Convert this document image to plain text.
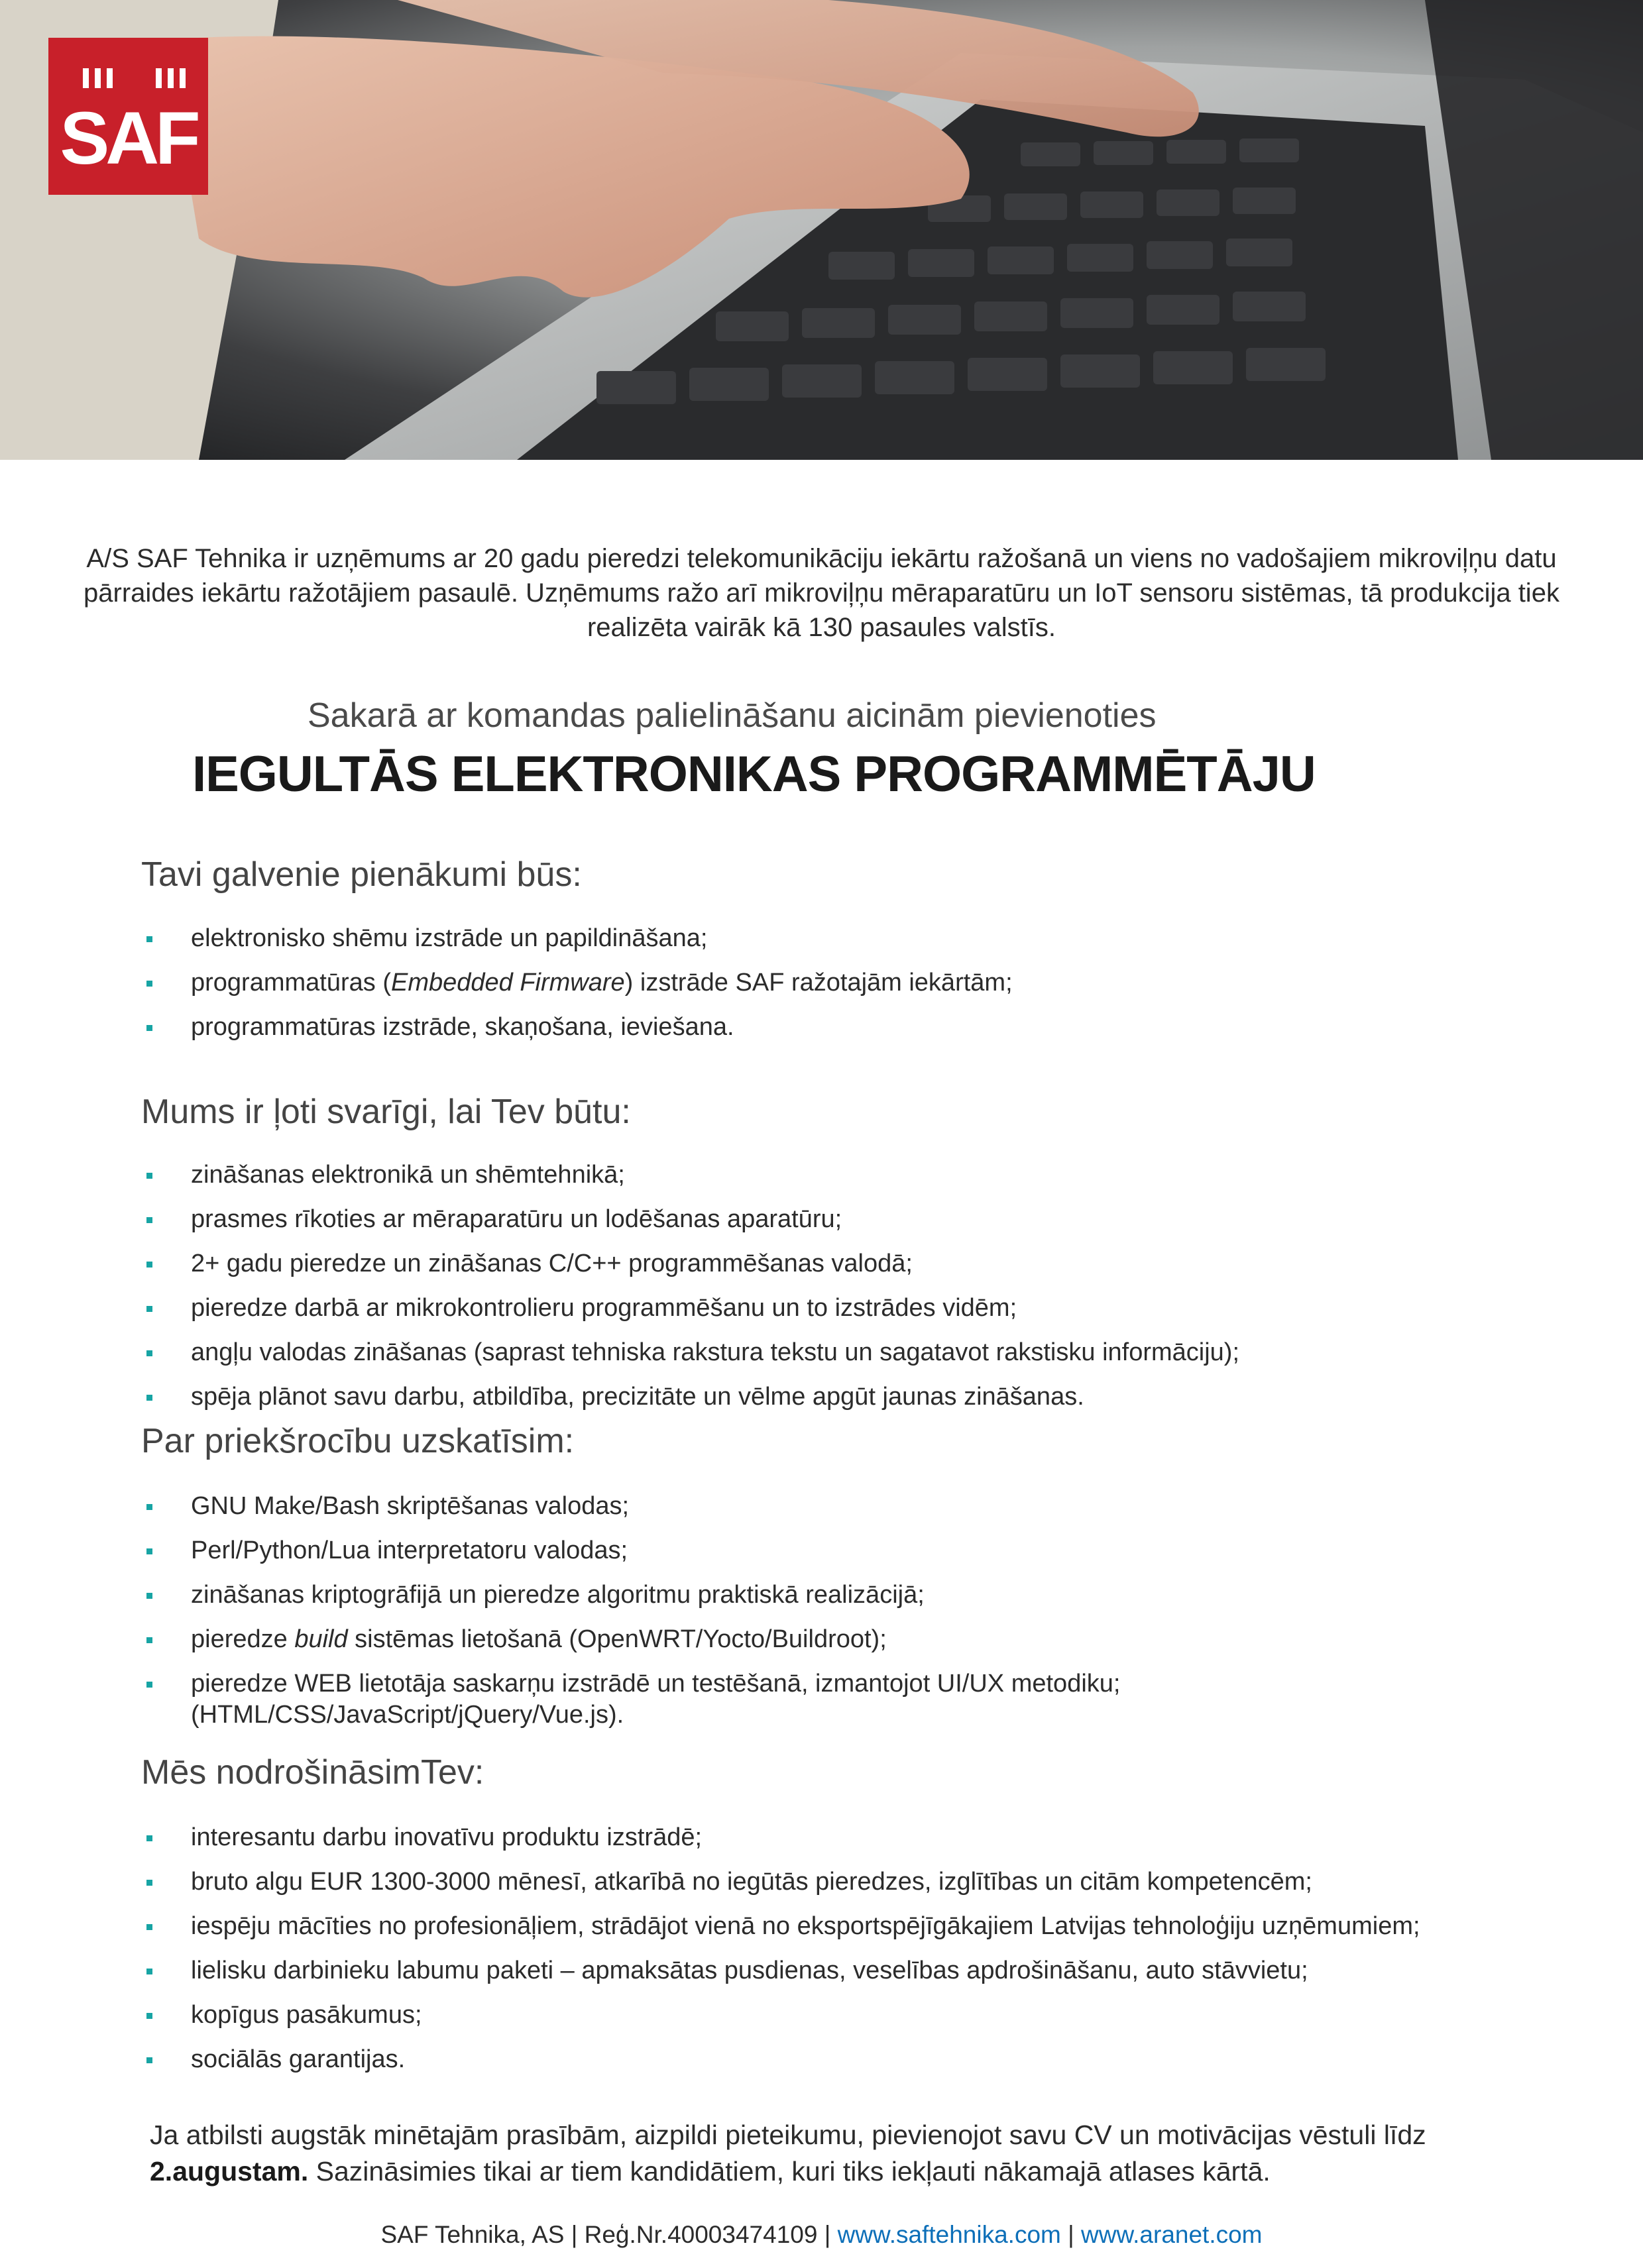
SAF
A/S SAF Tehnika ir uzņēmums ar 20 gadu pieredzi telekomunikāciju iekārtu ražošanā un viens no vadošajiem mikroviļņu datu pārraides iekārtu ražotājiem pasaulē. Uzņēmums ražo arī mikroviļņu mēraparatūru un IoT sensoru sistēmas, tā produkcija tiek realizēta vairāk kā 130 pasaules valstīs.
Sakarā ar komandas palielināšanu aicinām pievienoties
IEGULTĀS ELEKTRONIKAS PROGRAMMĒTĀJU
Tavi galvenie pienākumi būs:
elektronisko shēmu izstrāde un papildināšana;
programmatūras (Embedded Firmware) izstrāde SAF ražotajām iekārtām;
programmatūras izstrāde, skaņošana, ieviešana.
Mums ir ļoti svarīgi, lai Tev būtu:
zināšanas elektronikā un shēmtehnikā;
prasmes rīkoties ar mēraparatūru un lodēšanas aparatūru;
2+ gadu pieredze un zināšanas C/C++ programmēšanas valodā;
pieredze darbā ar mikrokontrolieru programmēšanu un to izstrādes vidēm;
angļu valodas zināšanas (saprast tehniska rakstura tekstu un sagatavot rakstisku informāciju);
spēja plānot savu darbu, atbildība, precizitāte un vēlme apgūt jaunas zināšanas.
Par priekšrocību uzskatīsim:
GNU Make/Bash skriptēšanas valodas;
Perl/Python/Lua interpretatoru valodas;
zināšanas kriptogrāfijā un pieredze algoritmu praktiskā realizācijā;
pieredze build sistēmas lietošanā (OpenWRT/Yocto/Buildroot);
pieredze WEB lietotāja saskarņu izstrādē un testēšanā, izmantojot UI/UX metodiku; (HTML/CSS/JavaScript/jQuery/Vue.js).
Mēs nodrošināsimTev:
interesantu darbu inovatīvu produktu izstrādē;
bruto algu EUR 1300-3000 mēnesī, atkarībā no iegūtās pieredzes, izglītības un citām kompetencēm;
iespēju mācīties no profesionāļiem, strādājot vienā no eksportspējīgākajiem Latvijas tehnoloģiju uzņēmumiem;
lielisku darbinieku labumu paketi – apmaksātas pusdienas, veselības apdrošināšanu, auto stāvvietu;
kopīgus pasākumus;
sociālās garantijas.
Ja atbilsti augstāk minētajām prasībām, aizpildi pieteikumu, pievienojot savu CV un motivācijas vēstuli līdz 2.augustam. Sazināsimies tikai ar tiem kandidātiem, kuri tiks iekļauti nākamajā atlases kārtā.
SAF Tehnika, AS | Reģ.Nr.40003474109 | www.saftehnika.com | www.aranet.com
